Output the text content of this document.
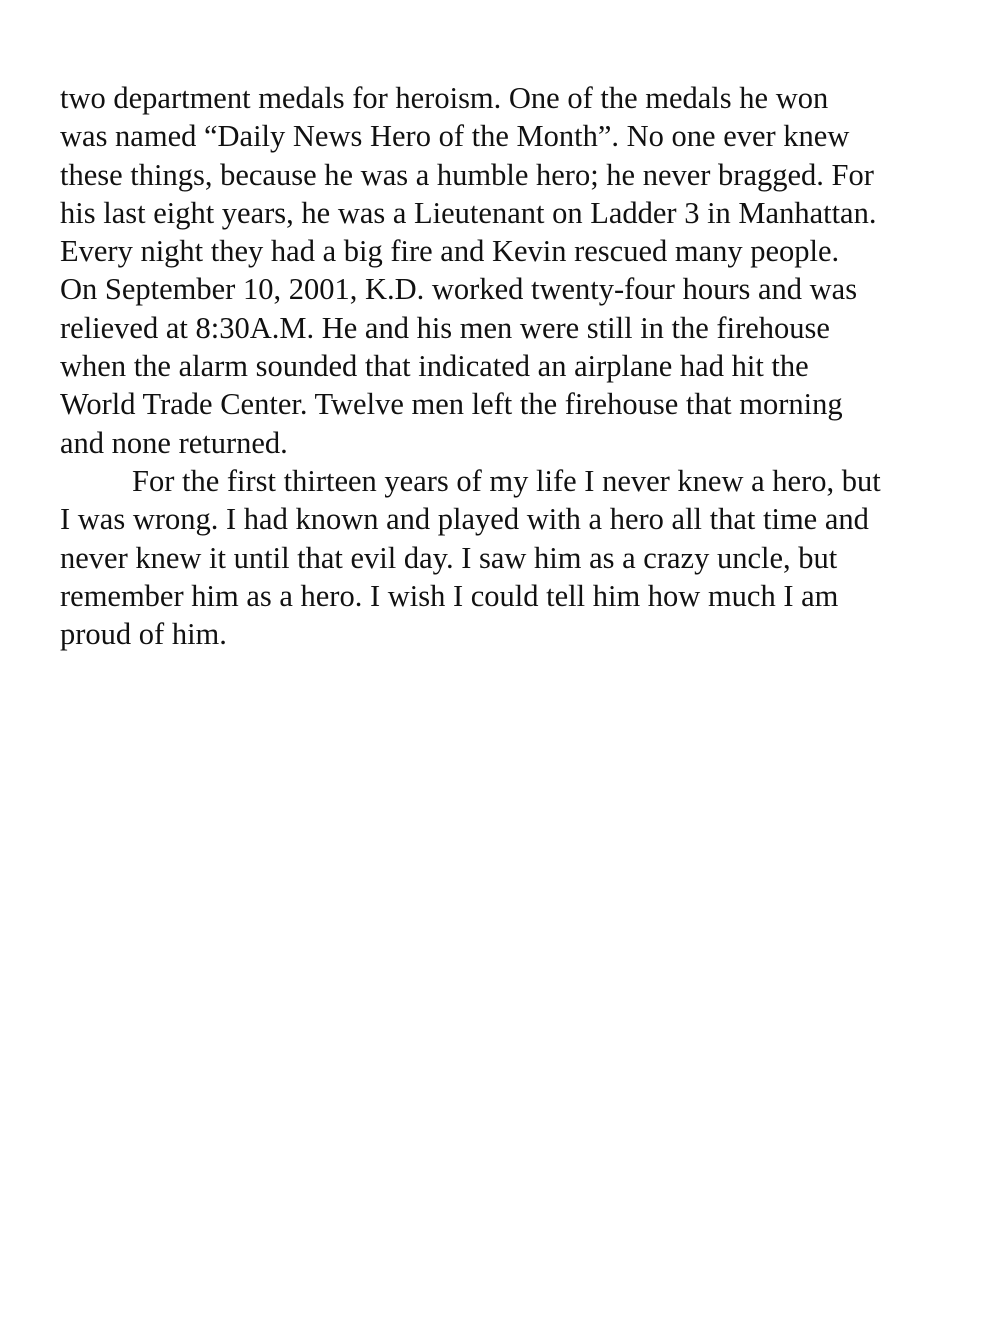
two department medals for heroism. One of the medals he won
was named “Daily News Hero of the Month”. No one ever knew
these things, because he was a humble hero; he never bragged. For
his last eight years, he was a Lieutenant on Ladder 3 in Manhattan.
Every night they had a big fire and Kevin rescued many people.
On September 10, 2001, K.D. worked twenty-four hours and was
relieved at 8:30A.M. He and his men were still in the firehouse
when the alarm sounded that indicated an airplane had hit the
World Trade Center. Twelve men left the firehouse that morning
and none returned.

For the first thirteen years of my life I never knew a hero, but
I was wrong. I had known and played with a hero all that time and
never knew it until that evil day. I saw him as a crazy uncle, but
remember him as a hero. I wish I could tell him how much I am
proud of him.
